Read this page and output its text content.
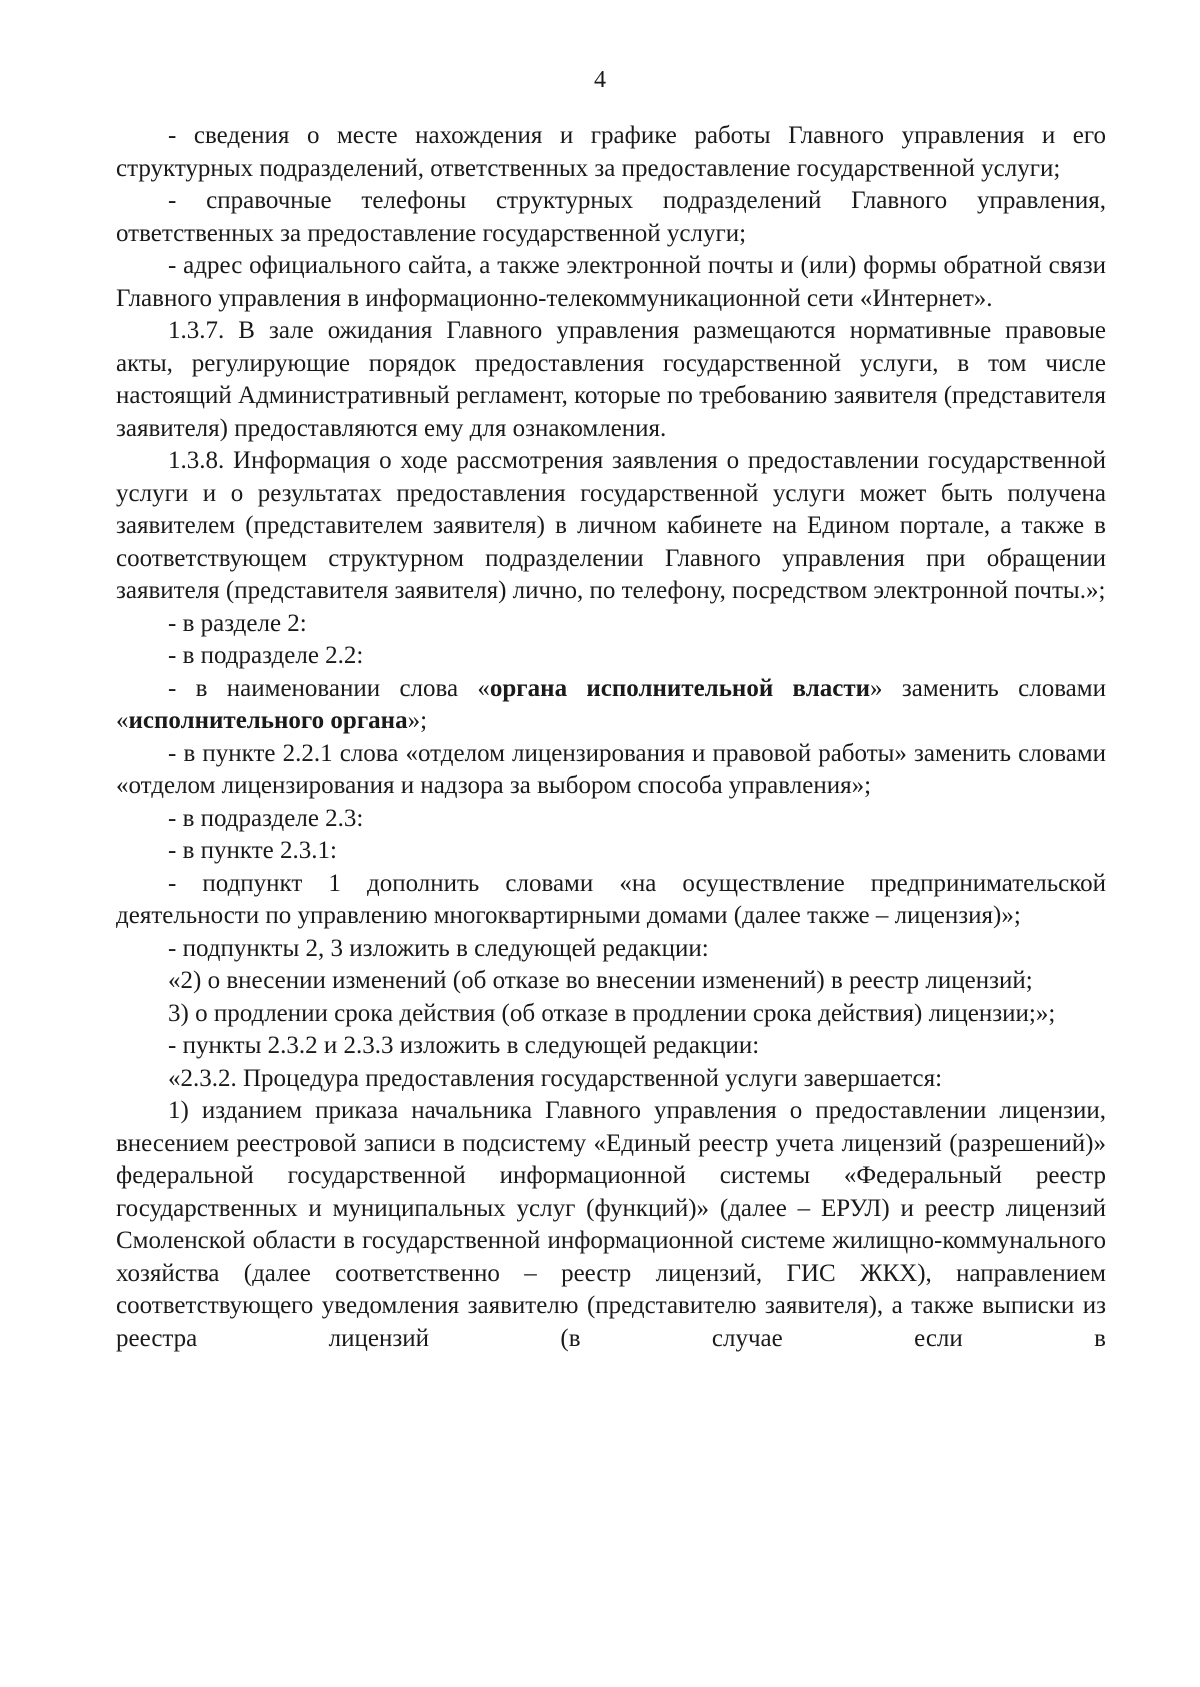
4

- сведения о месте нахождения и графике работы Главного управления и его структурных подразделений, ответственных за предоставление государственной услуги;

- справочные телефоны структурных подразделений Главного управления, ответственных за предоставление государственной услуги;

- адрес официального сайта, а также электронной почты и (или) формы обратной связи Главного управления в информационно-телекоммуникационной сети «Интернет».

1.3.7. В зале ожидания Главного управления размещаются нормативные правовые акты, регулирующие порядок предоставления государственной услуги, в том числе настоящий Административный регламент, которые по требованию заявителя (представителя заявителя) предоставляются ему для ознакомления.

1.3.8. Информация о ходе рассмотрения заявления о предоставлении государственной услуги и о результатах предоставления государственной услуги может быть получена заявителем (представителем заявителя) в личном кабинете на Едином портале, а также в соответствующем структурном подразделении Главного управления при обращении заявителя (представителя заявителя) лично, по телефону, посредством электронной почты.»;

- в разделе 2:

- в подразделе 2.2:

- в наименовании слова «органа исполнительной власти» заменить словами «исполнительного органа»;

- в пункте 2.2.1 слова «отделом лицензирования и правовой работы» заменить словами «отделом лицензирования и надзора за выбором способа управления»;

- в подразделе 2.3:

- в пункте 2.3.1:

- подпункт 1 дополнить словами «на осуществление предпринимательской деятельности по управлению многоквартирными домами (далее также – лицензия)»;

- подпункты 2, 3 изложить в следующей редакции:

«2) о внесении изменений (об отказе во внесении изменений) в реестр лицензий;

3) о продлении срока действия (об отказе в продлении срока действия) лицензии;»;

- пункты 2.3.2 и 2.3.3 изложить в следующей редакции:

«2.3.2. Процедура предоставления государственной услуги завершается:

1) изданием приказа начальника Главного управления о предоставлении лицензии, внесением реестровой записи в подсистему «Единый реестр учета лицензий (разрешений)» федеральной государственной информационной системы «Федеральный реестр государственных и муниципальных услуг (функций)» (далее – ЕРУЛ) и реестр лицензий Смоленской области в государственной информационной системе жилищно-коммунального хозяйства (далее соответственно – реестр лицензий, ГИС ЖКХ), направлением соответствующего уведомления заявителю (представителю заявителя), а также выписки из реестра лицензий (в случае если в
